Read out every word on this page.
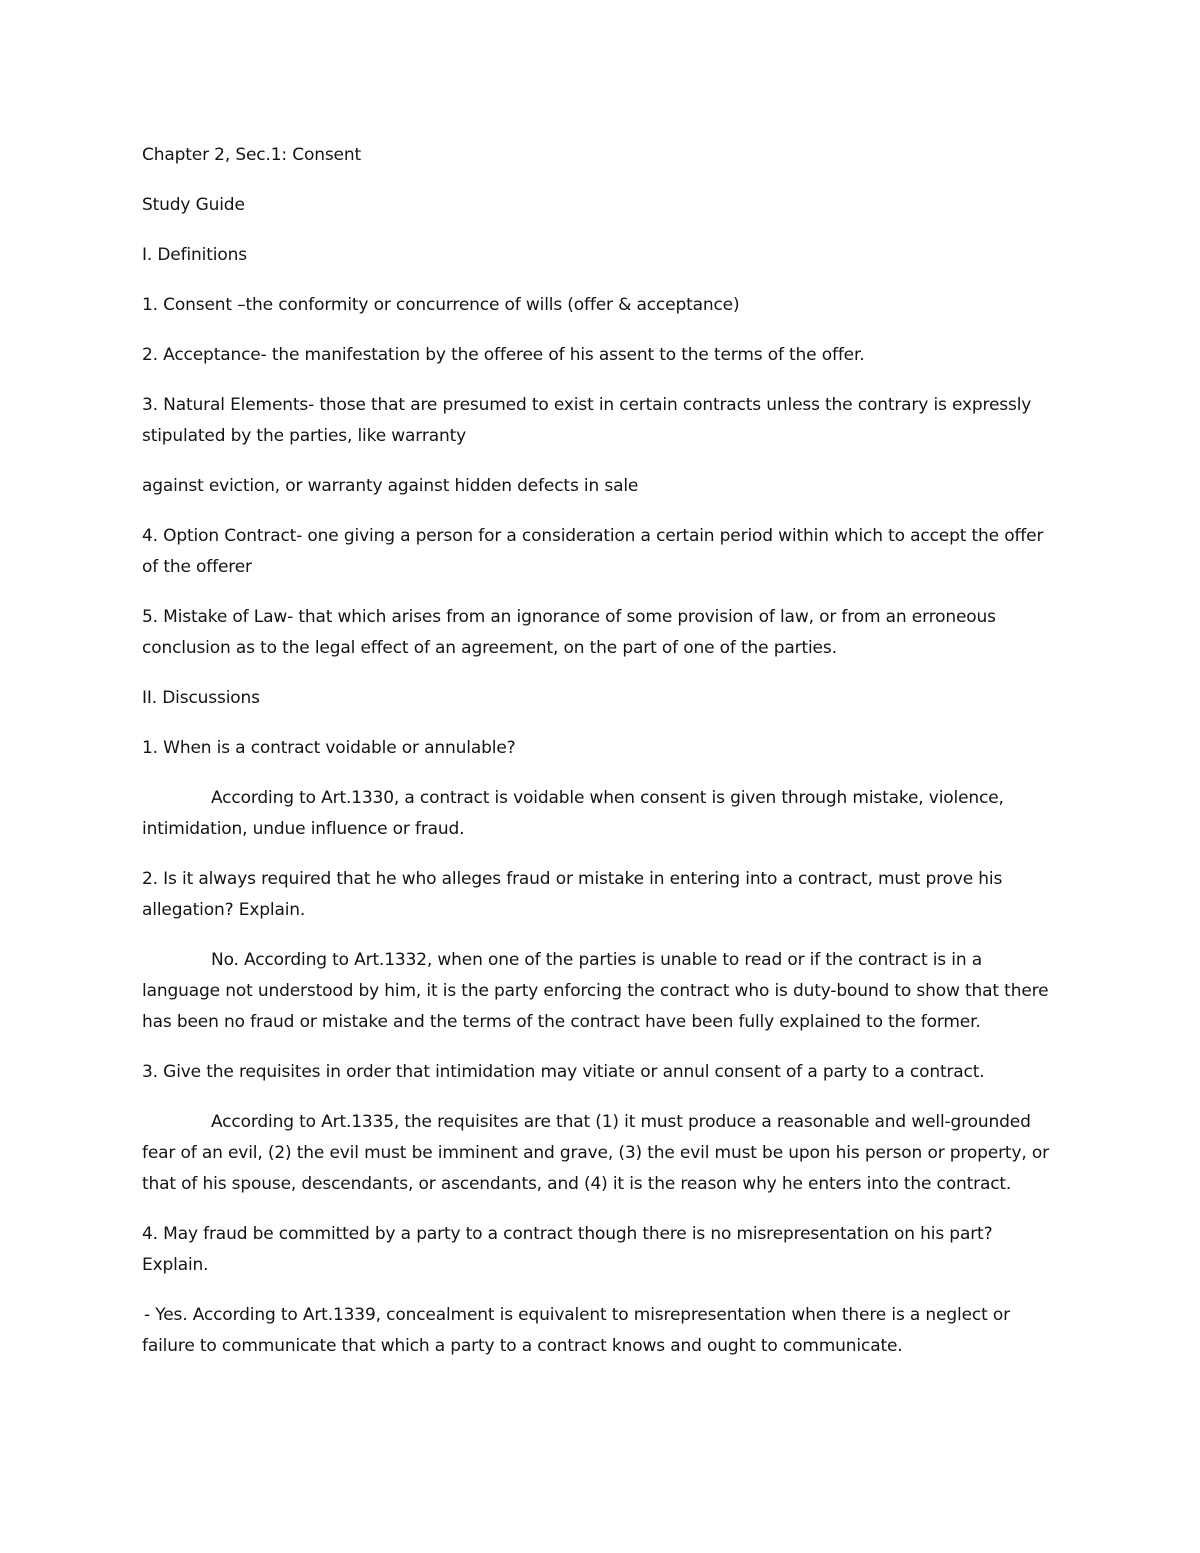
Chapter 2, Sec.1: Consent

Study Guide

I. Definitions

1. Consent –the conformity or concurrence of wills (offer & acceptance)

2. Acceptance- the manifestation by the offeree of his assent to the terms of the offer.

3. Natural Elements- those that are presumed to exist in certain contracts unless the contrary is expressly stipulated by the parties, like warranty

against eviction, or warranty against hidden defects in sale

4. Option Contract- one giving a person for a consideration a certain period within which to accept the offer of the offerer

5. Mistake of Law- that which arises from an ignorance of some provision of law, or from an erroneous conclusion as to the legal effect of an agreement, on the part of one of the parties.

II. Discussions

1. When is a contract voidable or annulable?

According to Art.1330, a contract is voidable when consent is given through mistake, violence, intimidation, undue influence or fraud.

2. Is it always required that he who alleges fraud or mistake in entering into a contract, must prove his allegation? Explain.

No. According to Art.1332, when one of the parties is unable to read or if the contract is in a language not understood by him, it is the party enforcing the contract who is duty-bound to show that there has been no fraud or mistake and the terms of the contract have been fully explained to the former.

3. Give the requisites in order that intimidation may vitiate or annul consent of a party to a contract.

According to Art.1335, the requisites are that (1) it must produce a reasonable and well-grounded fear of an evil, (2) the evil must be imminent and grave, (3) the evil must be upon his person or property, or that of his spouse, descendants, or ascendants, and (4) it is the reason why he enters into the contract.

4. May fraud be committed by a party to a contract though there is no misrepresentation on his part? Explain.

- Yes. According to Art.1339, concealment is equivalent to misrepresentation when there is a neglect or failure to communicate that which a party to a contract knows and ought to communicate.
